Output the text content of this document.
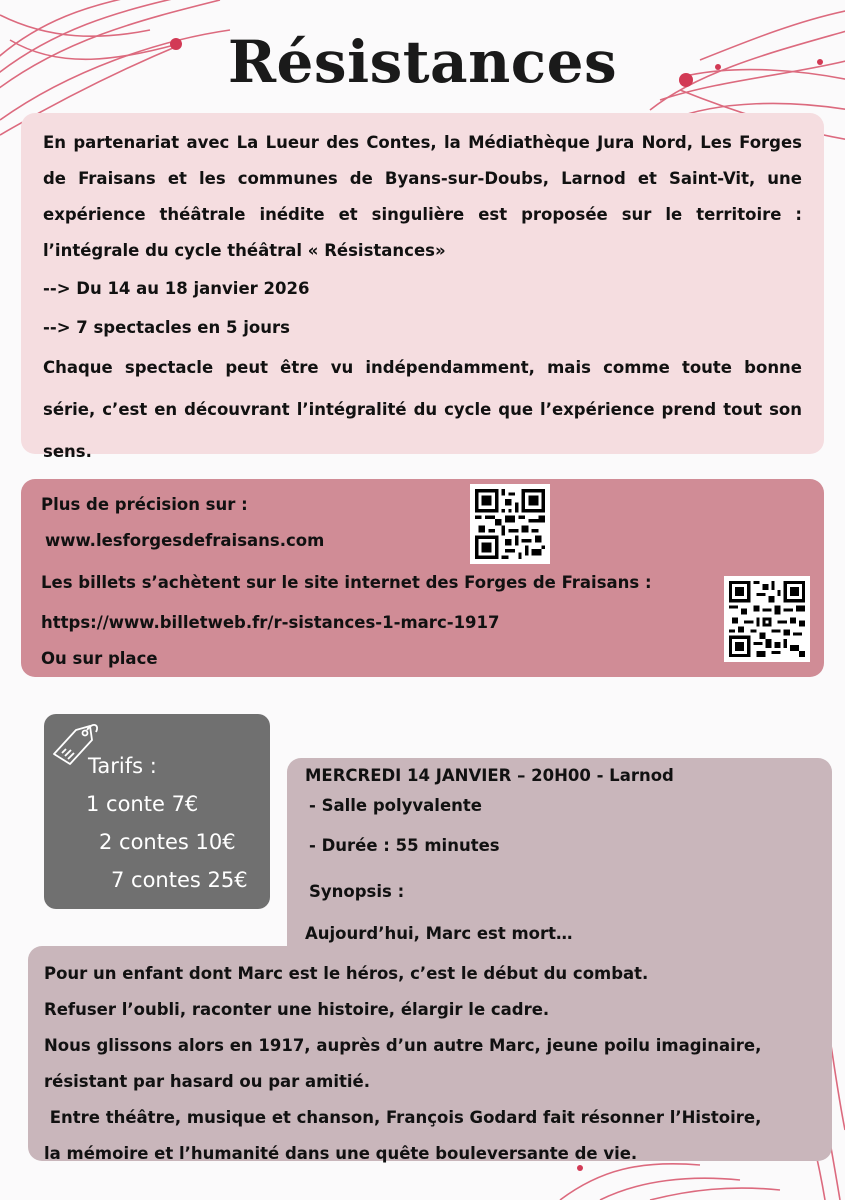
Résistances
En partenariat avec La Lueur des Contes, la Médiathèque Jura Nord, Les Forges de Fraisans et les communes de Byans-sur-Doubs, Larnod et Saint-Vit, une expérience théâtrale inédite et singulière est proposée sur le territoire : l’intégrale du cycle théâtral « Résistances»
--> Du 14 au 18 janvier 2026
--> 7 spectacles en 5 jours
Chaque spectacle peut être vu indépendamment, mais comme toute bonne série, c’est en découvrant l’intégralité du cycle que l’expérience prend tout son sens.
Plus de précision sur :
www.lesforgesdefraisans.com
Les billets s’achètent sur le site internet des Forges de Fraisans :
https://www.billetweb.fr/r-sistances-1-marc-1917
Ou sur place
Tarifs :
1 conte 7€
2 contes 10€
7 contes 25€
MERCREDI 14 JANVIER – 20H00 - Larnod
- Salle polyvalente
- Durée : 55 minutes
Synopsis :
Aujourd’hui, Marc est mort…
Pour un enfant dont Marc est le héros, c’est le début du combat.
Refuser l’oubli, raconter une histoire, élargir le cadre.
Nous glissons alors en 1917, auprès d’un autre Marc, jeune poilu imaginaire,
résistant par hasard ou par amitié.
Entre théâtre, musique et chanson, François Godard fait résonner l’Histoire,
la mémoire et l’humanité dans une quête bouleversante de vie.
